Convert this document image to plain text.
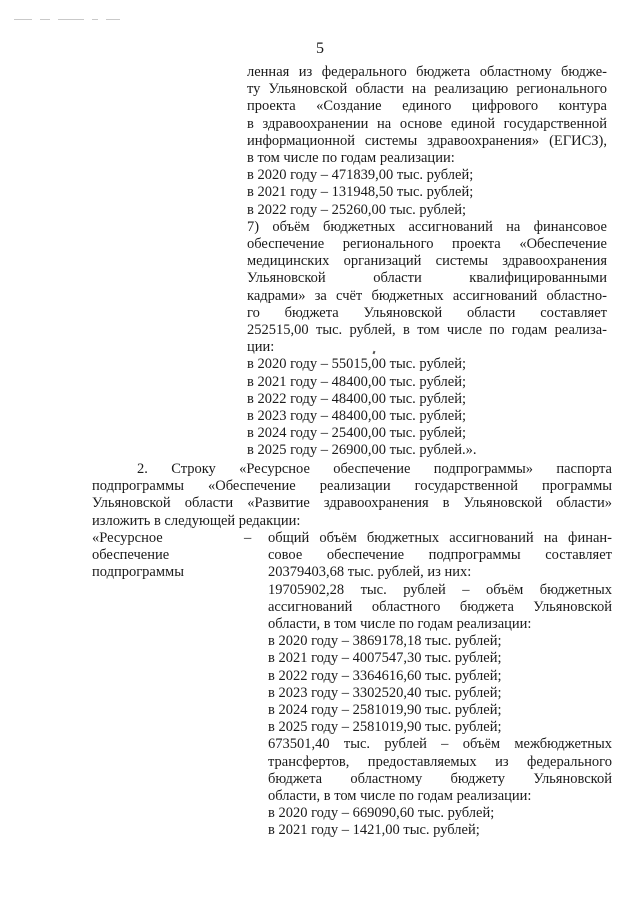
5
ленная из федерального бюджета областному бюдже-
ту Ульяновской области на реализацию регионального
проекта «Создание единого цифрового контура
в здравоохранении на основе единой государственной
информационной системы здравоохранения» (ЕГИСЗ),
в том числе по годам реализации:
в 2020 году – 471839,00 тыс. рублей;
в 2021 году – 131948,50 тыс. рублей;
в 2022 году – 25260,00 тыс. рублей;
7) объём бюджетных ассигнований на финансовое
обеспечение регионального проекта «Обеспечение
медицинских организаций системы здравоохранения
Ульяновской области квалифицированными
кадрами» за счёт бюджетных ассигнований областно-
го бюджета Ульяновской области составляет
252515,00 тыс. рублей, в том числе по годам реализа-
ции:
в 2020 году – 55015,00 тыс. рублей;
в 2021 году – 48400,00 тыс. рублей;
в 2022 году – 48400,00 тыс. рублей;
в 2023 году – 48400,00 тыс. рублей;
в 2024 году – 25400,00 тыс. рублей;
в 2025 году – 26900,00 тыс. рублей.».
2. Строку «Ресурсное обеспечение подпрограммы» паспорта
подпрограммы «Обеспечение реализации государственной программы
Ульяновской области «Развитие здравоохранения в Ульяновской области»
изложить в следующей редакции:
«Ресурсное
обеспечение
подпрограммы
– общий объём бюджетных ассигнований на финан-
совое обеспечение подпрограммы составляет
20379403,68 тыс. рублей, из них:
19705902,28 тыс. рублей – объём бюджетных
ассигнований областного бюджета Ульяновской
области, в том числе по годам реализации:
в 2020 году – 3869178,18 тыс. рублей;
в 2021 году – 4007547,30 тыс. рублей;
в 2022 году – 3364616,60 тыс. рублей;
в 2023 году – 3302520,40 тыс. рублей;
в 2024 году – 2581019,90 тыс. рублей;
в 2025 году – 2581019,90 тыс. рублей;
673501,40 тыс. рублей – объём межбюджетных
трансфертов, предоставляемых из федерального
бюджета областному бюджету Ульяновской
области, в том числе по годам реализации:
в 2020 году – 669090,60 тыс. рублей;
в 2021 году – 1421,00 тыс. рублей;
